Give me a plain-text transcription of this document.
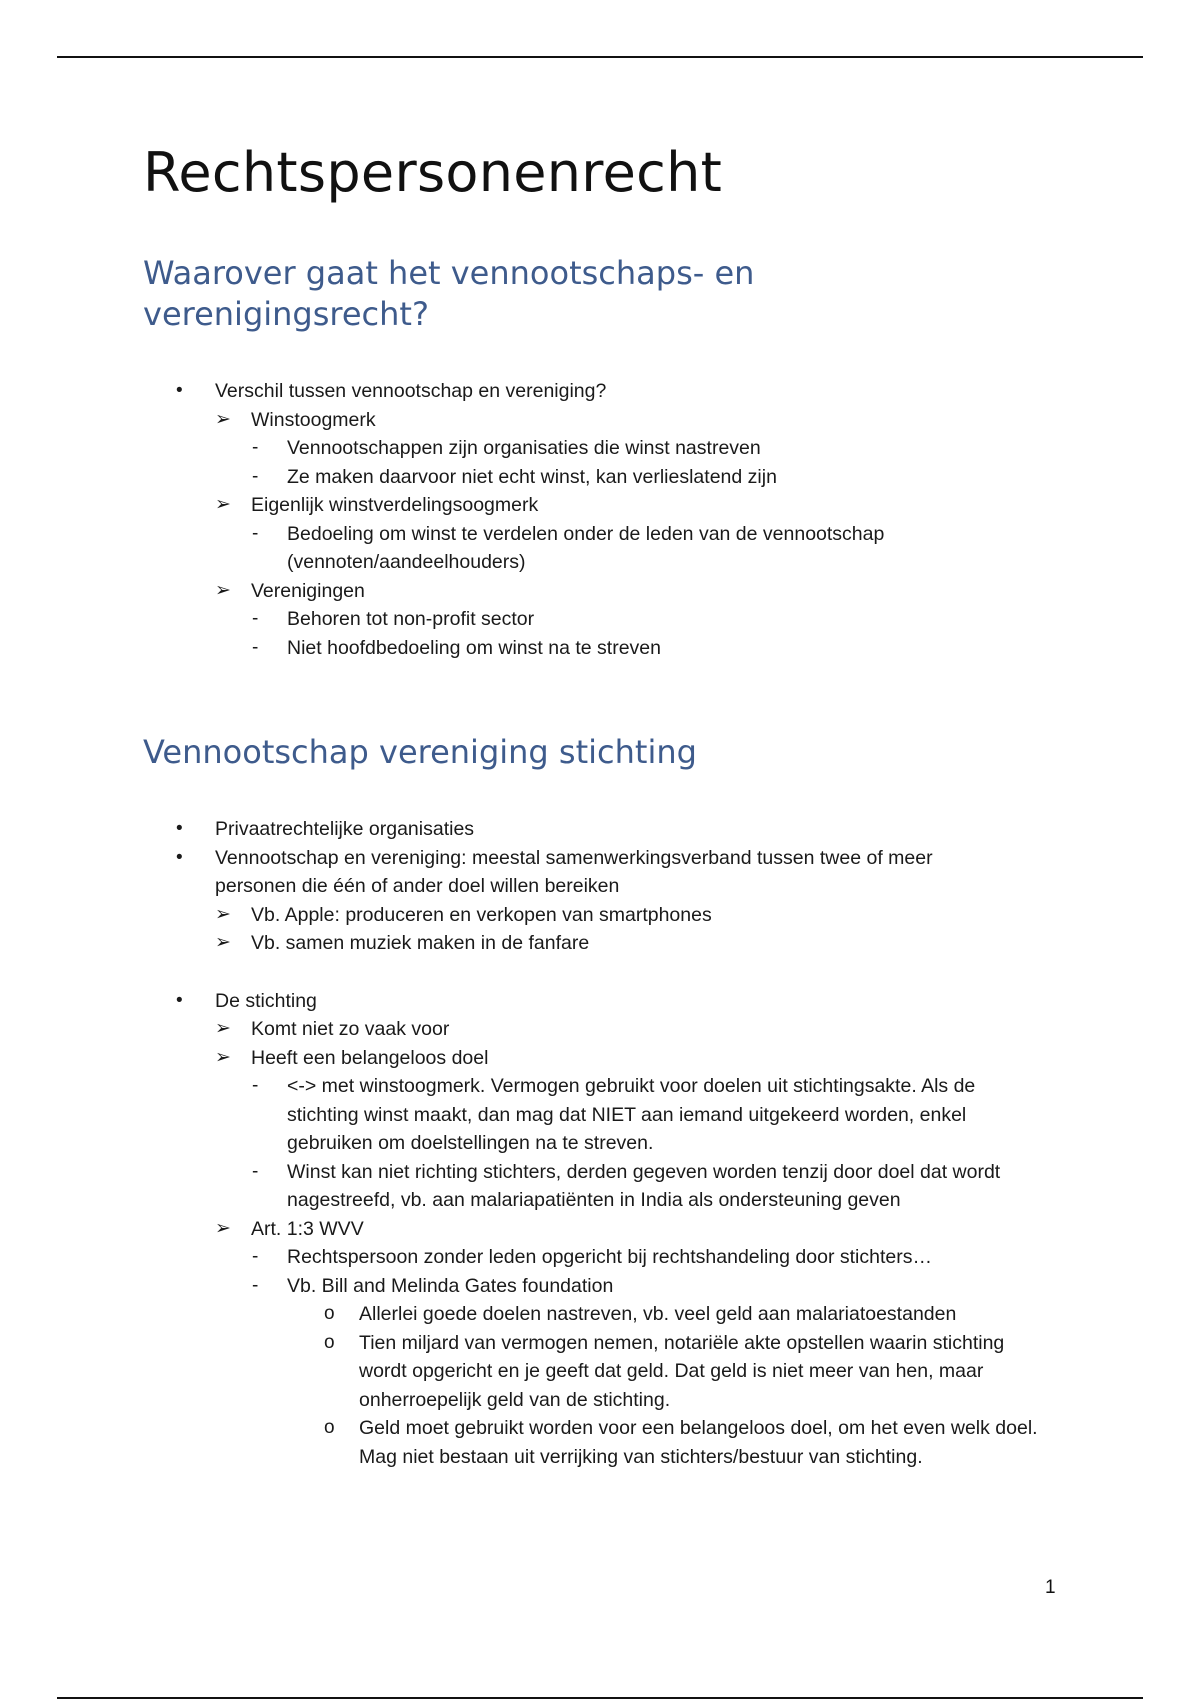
Rechtspersonenrecht
Waarover gaat het vennootschaps- en
verenigingsrecht?
• Verschil tussen vennootschap en vereniging?
➢ Winstoogmerk
- Vennootschappen zijn organisaties die winst nastreven
- Ze maken daarvoor niet echt winst, kan verlieslatend zijn
➢ Eigenlijk winstverdelingsoogmerk
- Bedoeling om winst te verdelen onder de leden van de vennootschap (vennoten/aandeelhouders)
➢ Verenigingen
- Behoren tot non-profit sector
- Niet hoofdbedoeling om winst na te streven
Vennootschap vereniging stichting
• Privaatrechtelijke organisaties
• Vennootschap en vereniging: meestal samenwerkingsverband tussen twee of meer personen die één of ander doel willen bereiken
➢ Vb. Apple: produceren en verkopen van smartphones
➢ Vb. samen muziek maken in de fanfare
• De stichting
➢ Komt niet zo vaak voor
➢ Heeft een belangeloos doel
- <-> met winstoogmerk. Vermogen gebruikt voor doelen uit stichtingsakte. Als de stichting winst maakt, dan mag dat NIET aan iemand uitgekeerd worden, enkel gebruiken om doelstellingen na te streven.
- Winst kan niet richting stichters, derden gegeven worden tenzij door doel dat wordt nagestreefd, vb. aan malariapatiënten in India als ondersteuning geven
➢ Art. 1:3 WVV
- Rechtspersoon zonder leden opgericht bij rechtshandeling door stichters…
- Vb. Bill and Melinda Gates foundation
o Allerlei goede doelen nastreven, vb. veel geld aan malariatoestanden
o Tien miljard van vermogen nemen, notariële akte opstellen waarin stichting wordt opgericht en je geeft dat geld. Dat geld is niet meer van hen, maar onherroepelijk geld van de stichting.
o Geld moet gebruikt worden voor een belangeloos doel, om het even welk doel. Mag niet bestaan uit verrijking van stichters/bestuur van stichting.
1
